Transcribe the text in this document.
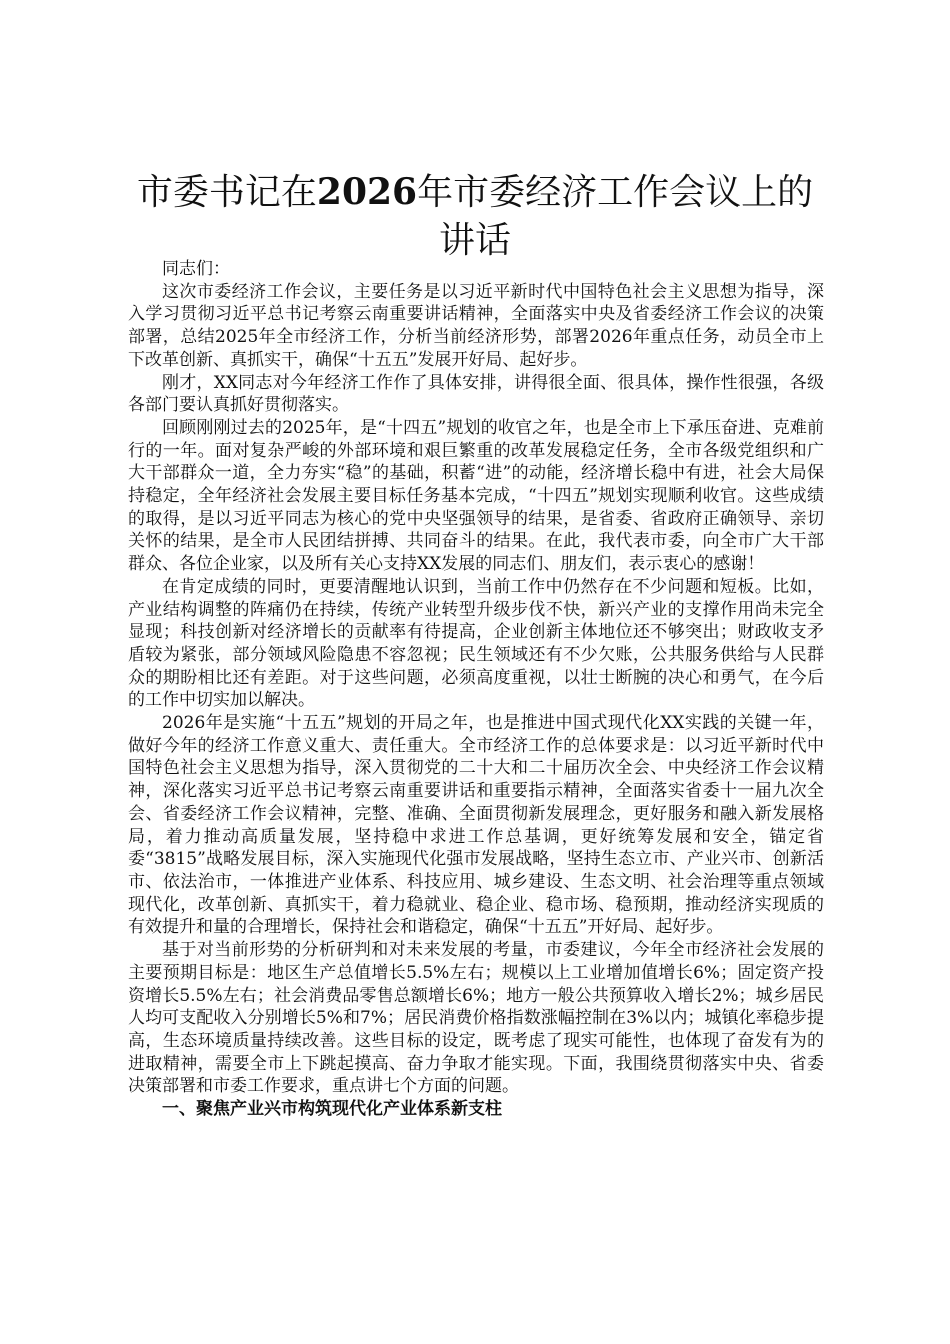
市委书记在2026年市委经济工作会议上的讲话

同志们：

这次市委经济工作会议，主要任务是以习近平新时代中国特色社会主义思想为指导，深入学习贯彻习近平总书记考察云南重要讲话精神，全面落实中央及省委经济工作会议的决策部署，总结2025年全市经济工作，分析当前经济形势，部署2026年重点任务，动员全市上下改革创新、真抓实干，确保“十五五”发展开好局、起好步。

刚才，XX同志对今年经济工作作了具体安排，讲得很全面、很具体，操作性很强，各级各部门要认真抓好贯彻落实。

回顾刚刚过去的2025年，是“十四五”规划的收官之年，也是全市上下承压奋进、克难前行的一年。面对复杂严峻的外部环境和艰巨繁重的改革发展稳定任务，全市各级党组织和广大干部群众一道，全力夯实“稳”的基础，积蓄“进”的动能，经济增长稳中有进，社会大局保持稳定，全年经济社会发展主要目标任务基本完成，“十四五”规划实现顺利收官。这些成绩的取得，是以习近平同志为核心的党中央坚强领导的结果，是省委、省政府正确领导、亲切关怀的结果，是全市人民团结拼搏、共同奋斗的结果。在此，我代表市委，向全市广大干部群众、各位企业家，以及所有关心支持XX发展的同志们、朋友们，表示衷心的感谢！

在肯定成绩的同时，更要清醒地认识到，当前工作中仍然存在不少问题和短板。比如，产业结构调整的阵痛仍在持续，传统产业转型升级步伐不快，新兴产业的支撑作用尚未完全显现；科技创新对经济增长的贡献率有待提高，企业创新主体地位还不够突出；财政收支矛盾较为紧张，部分领域风险隐患不容忽视；民生领域还有不少欠账，公共服务供给与人民群众的期盼相比还有差距。对于这些问题，必须高度重视，以壮士断腕的决心和勇气，在今后的工作中切实加以解决。

2026年是实施“十五五”规划的开局之年，也是推进中国式现代化XX实践的关键一年，做好今年的经济工作意义重大、责任重大。全市经济工作的总体要求是：以习近平新时代中国特色社会主义思想为指导，深入贯彻党的二十大和二十届历次全会、中央经济工作会议精神，深化落实习近平总书记考察云南重要讲话和重要指示精神，全面落实省委十一届九次全会、省委经济工作会议精神，完整、准确、全面贯彻新发展理念，更好服务和融入新发展格局，着力推动高质量发展，坚持稳中求进工作总基调，更好统筹发展和安全，锚定省委“3815”战略发展目标，深入实施现代化强市发展战略，坚持生态立市、产业兴市、创新活市、依法治市，一体推进产业体系、科技应用、城乡建设、生态文明、社会治理等重点领域现代化，改革创新、真抓实干，着力稳就业、稳企业、稳市场、稳预期，推动经济实现质的有效提升和量的合理增长，保持社会和谐稳定，确保“十五五”开好局、起好步。

基于对当前形势的分析研判和对未来发展的考量，市委建议，今年全市经济社会发展的主要预期目标是：地区生产总值增长5.5%左右；规模以上工业增加值增长6%；固定资产投资增长5.5%左右；社会消费品零售总额增长6%；地方一般公共预算收入增长2%；城乡居民人均可支配收入分别增长5%和7%；居民消费价格指数涨幅控制在3%以内；城镇化率稳步提高，生态环境质量持续改善。这些目标的设定，既考虑了现实可能性，也体现了奋发有为的进取精神，需要全市上下跳起摸高、奋力争取才能实现。下面，我围绕贯彻落实中央、省委决策部署和市委工作要求，重点讲七个方面的问题。

一、聚焦产业兴市构筑现代化产业体系新支柱
